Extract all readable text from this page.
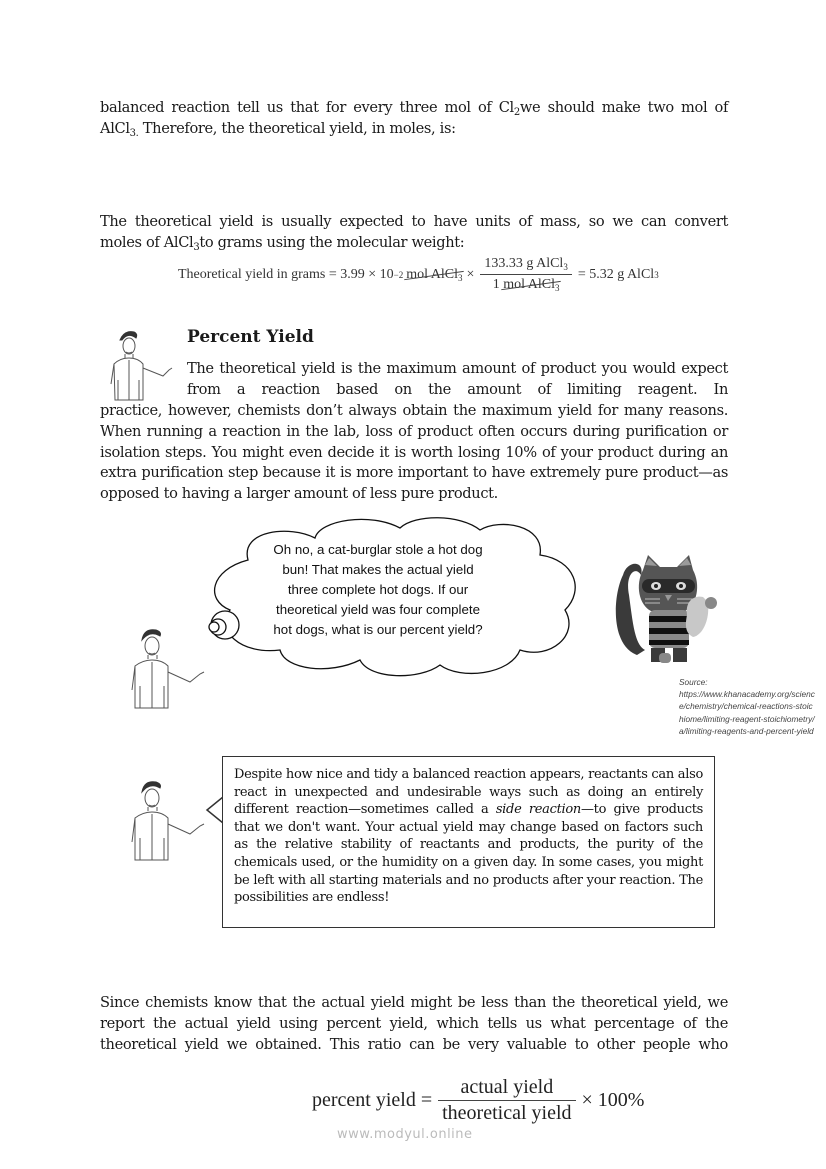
balanced reaction tell us that for every three mol of $Cl_2we$ should make two mol of
AlCl$_{3.}$ Therefore, the theoretical yield, in moles, is:
The theoretical yield is usually expected to have units of mass, so we can convert
moles of AlCl$_3$to grams using the molecular weight:
Theoretical yield in grams = 3.99 × 10 −2 mol AlCl$_3$ × $\frac{133.33 g AlCl_3}{1 mol AlCl_3} = 5.32$ g AlCl 3
Percent Yield
The theoretical yield is the maximum amount of product you would expect from a reaction based on the amount of limiting reagent. In
practice, however, chemists don’t always obtain the maximum yield for many reasons. When running a reaction in the lab, loss of product often occurs during purification or isolation steps. You might even decide it is worth losing 10% of your product during an extra purification step because it is more important to have extremely pure product—as opposed to having a larger amount of less pure product.
Oh no, a cat-burglar stole a hot dog
bun! That makes the actual yield
three complete hot dogs. If our
theoretical yield was four complete
hot dogs, what is our percent yield?
Source:
https://www.khanacademy.org/science/chemistry/chemical-reactions-stoichiome/limiting-reagent-stoichiometry/a/limiting-reagents-and-percent-yield
Despite how nice and tidy a balanced reaction appears, reactants can also react in unexpected and undesirable ways such as doing an entirely different reaction—sometimes called a side reaction—to give products that we don't want. Your actual yield may change based on factors such as the relative stability of reactants and products, the purity of the chemicals used, or the humidity on a given day. In some cases, you might be left with all starting materials and no products after your reaction. The possibilities are endless!
Since chemists know that the actual yield might be less than the theoretical yield, we report the actual yield using percent yield, which tells us what percentage of the theoretical yield we obtained. This ratio can be very valuable to other people who
percent yield = $\frac{\text{actual yield}}{\text{theoretical yield}} \times 100\%$
www.modyul.online
